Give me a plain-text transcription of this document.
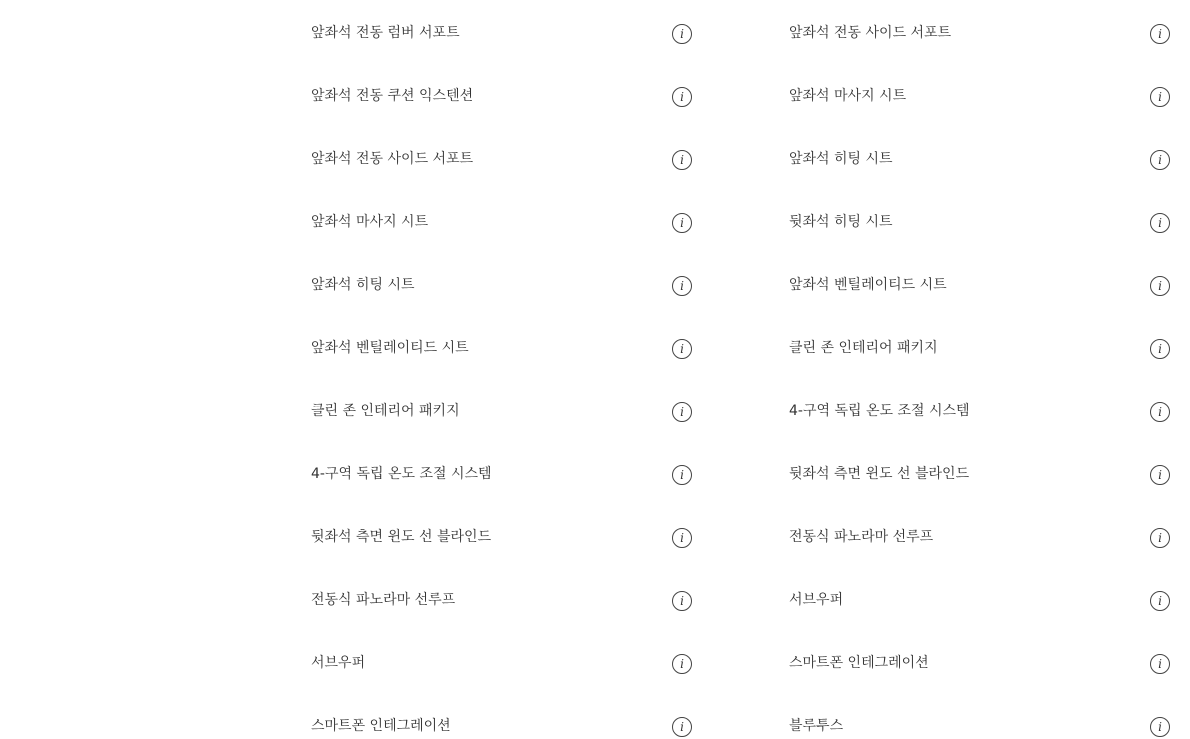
앞좌석 전동 럼버 서포트	i
앞좌석 전동 쿠션 익스텐션	i
앞좌석 전동 사이드 서포트	i
앞좌석 마사지 시트	i
앞좌석 히팅 시트	i
앞좌석 벤틸레이티드 시트	i
클린 존 인테리어 패키지	i
4-구역 독립 온도 조절 시스템	i
뒷좌석 측면 윈도 선 블라인드	i
전동식 파노라마 선루프	i
서브우퍼	i
스마트폰 인테그레이션	i
앞좌석 전동 사이드 서포트	i
앞좌석 마사지 시트	i
앞좌석 히팅 시트	i
뒷좌석 히팅 시트	i
앞좌석 벤틸레이티드 시트	i
클린 존 인테리어 패키지	i
4-구역 독립 온도 조절 시스템	i
뒷좌석 측면 윈도 선 블라인드	i
전동식 파노라마 선루프	i
서브우퍼	i
스마트폰 인테그레이션	i
블루투스	i
